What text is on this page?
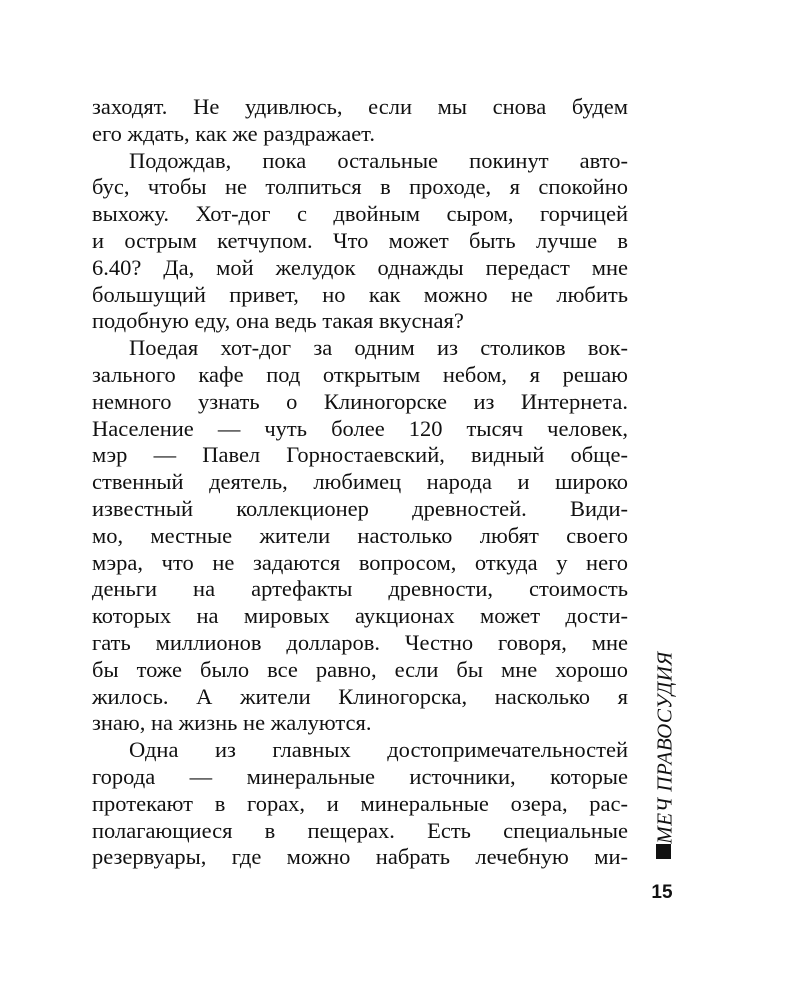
заходят. Не удивлюсь, если мы снова будем
его ждать, как же раздражает.
Подождав, пока остальные покинут авто-
бус, чтобы не толпиться в проходе, я спокойно
выхожу. Хот-дог с двойным сыром, горчицей
и острым кетчупом. Что может быть лучше в
6.40? Да, мой желудок однажды передаст мне
большущий привет, но как можно не любить
подобную еду, она ведь такая вкусная?
Поедая хот-дог за одним из столиков вок-
зального кафе под открытым небом, я решаю
немного узнать о Клиногорске из Интернета.
Население — чуть более 120 тысяч человек,
мэр — Павел Горностаевский, видный обще-
ственный деятель, любимец народа и широко
известный коллекционер древностей. Види-
мо, местные жители настолько любят своего
мэра, что не задаются вопросом, откуда у него
деньги на артефакты древности, стоимость
которых на мировых аукционах может дости-
гать миллионов долларов. Честно говоря, мне
бы тоже было все равно, если бы мне хорошо
жилось. А жители Клиногорска, насколько я
знаю, на жизнь не жалуются.
Одна из главных достопримечательностей
города — минеральные источники, которые
протекают в горах, и минеральные озера, рас-
полагающиеся в пещерах. Есть специальные
резервуары, где можно набрать лечебную ми-
МЕЧ ПРАВОСУДИЯ
15
